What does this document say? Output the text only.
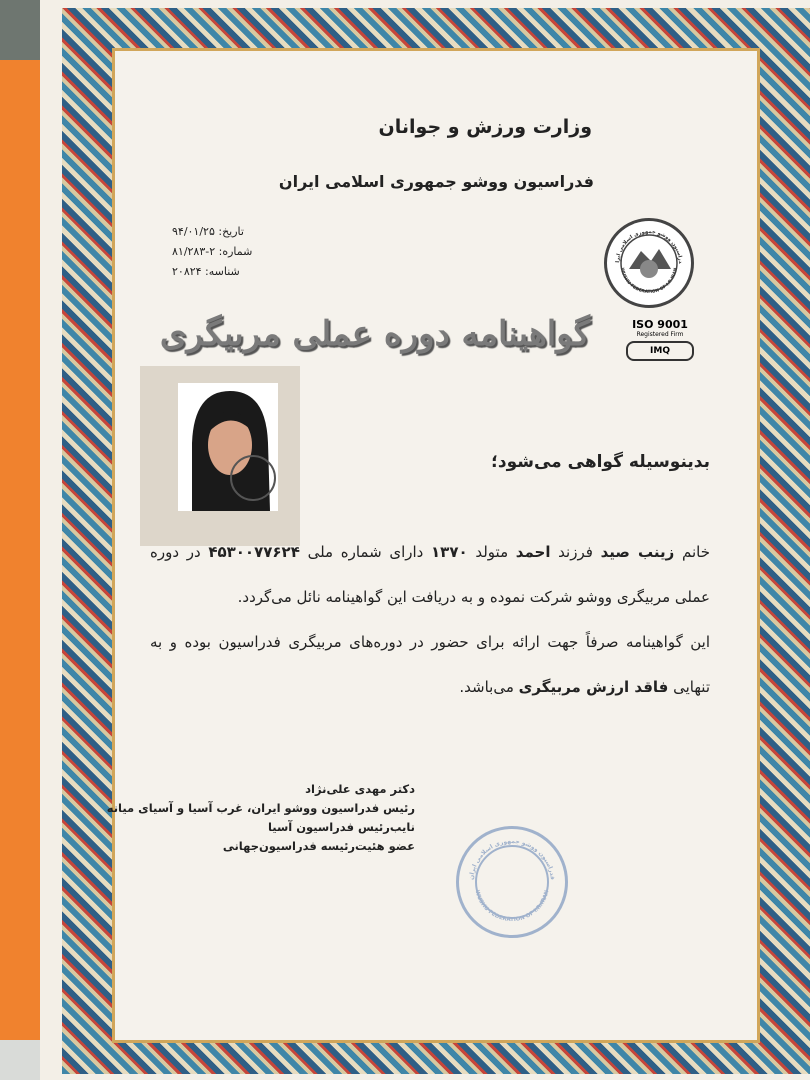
وزارت ورزش و جوانان
فدراسیون ووشو جمهوری اسلامی ایران
تاریخ: ۹۴/۰۱/۲۵
شماره: ۲-۸۱/۲۸۳
شناسه: ۲۰۸۲۴
دراسیون ووشو جمهوری اسلامی ایرا
WUSHU FEDERATION OF I.R.IRAN
ISO 9001
Registered Firm
IMQ
گواهینامه دوره عملی مربیگری
بدینوسیله گواهی می‌شود؛
خانم زینب صید فرزند احمد متولد ۱۳۷۰ دارای شماره ملی ۴۵۳۰۰۷۷۶۲۴ در دوره عملی مربیگری ووشو شرکت نموده و به دریافت این گواهینامه نائل می‌گردد.
این گواهینامه صرفاً جهت ارائه برای حضور در دوره‌های مربیگری فدراسیون بوده و به تنهایی فاقد ارزش مربیگری می‌باشد.
دکتر مهدی علی‌نژاد
رئیس فدراسیون ووشو ایران، غرب آسیا و آسیای میانه
نایب‌رئیس فدراسیون آسیا
عضو هئیت‌رئیسه فدراسیون‌جهانی
فدراسیون ووشو جمهوری اسلامی ایران
WUSHU FEDERATION OF I.R.IRAN
